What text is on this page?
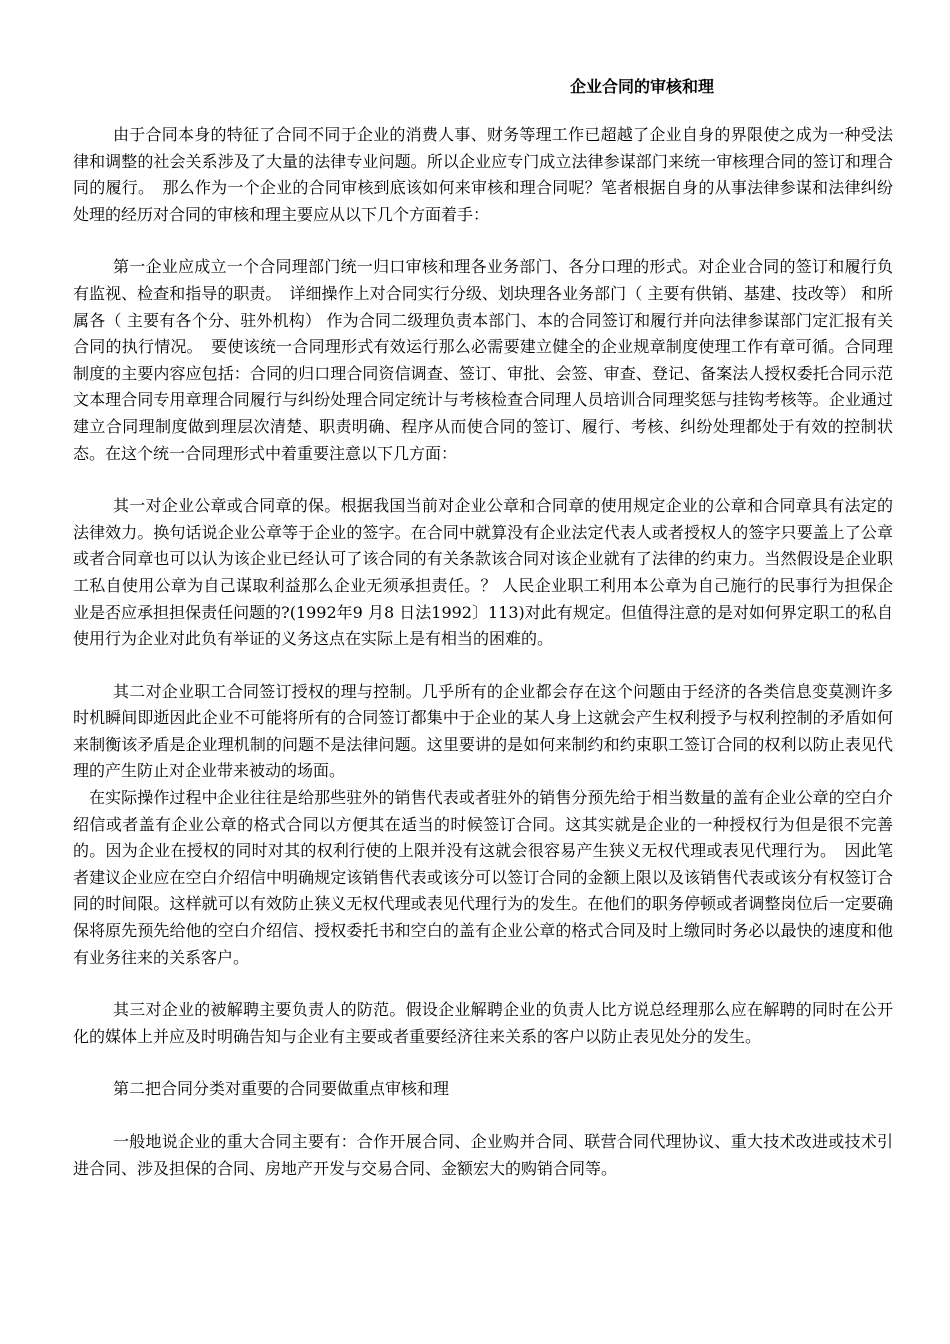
企业合同的审核和理

由于合同本身的特征了合同不同于企业的消费人事、财务等理工作已超越了企业自身的界限使之成为一种受法律和调整的社会关系涉及了大量的法律专业问题。所以企业应专门成立法律参谋部门来统一审核理合同的签订和理合同的履行。　那么作为一个企业的合同审核到底该如何来审核和理合同呢？笔者根据自身的从事法律参谋和法律纠纷处理的经历对合同的审核和理主要应从以下几个方面着手：

第一企业应成立一个合同理部门统一归口审核和理各业务部门、各分口理的形式。对企业合同的签订和履行负有监视、检查和指导的职责。　详细操作上对合同实行分级、划块理各业务部门（ 主要有供销、基建、技改等） 和所属各（ 主要有各个分、驻外机构） 作为合同二级理负责本部门、本的合同签订和履行并向法律参谋部门定汇报有关合同的执行情况。　要使该统一合同理形式有效运行那么必需要建立健全的企业规章制度使理工作有章可循。合同理制度的主要内容应包括：合同的归口理合同资信调查、签订、审批、会签、审查、登记、备案法人授权委托合同示范文本理合同专用章理合同履行与纠纷处理合同定统计与考核检查合同理人员培训合同理奖惩与挂钩考核等。企业通过建立合同理制度做到理层次清楚、职责明确、程序从而使合同的签订、履行、考核、纠纷处理都处于有效的控制状态。在这个统一合同理形式中着重要注意以下几方面：

其一对企业公章或合同章的保。根据我国当前对企业公章和合同章的使用规定企业的公章和合同章具有法定的法律效力。换句话说企业公章等于企业的签字。在合同中就算没有企业法定代表人或者授权人的签字只要盖上了公章或者合同章也可以认为该企业已经认可了该合同的有关条款该合同对该企业就有了法律的约束力。当然假设是企业职工私自使用公章为自己谋取利益那么企业无须承担责任。？ 人民企业职工利用本公章为自己施行的民事行为担保企业是否应承担担保责任问题的?(1992年9 月8 日法1992〕113)对此有规定。但值得注意的是对如何界定职工的私自使用行为企业对此负有举证的义务这点在实际上是有相当的困难的。

其二对企业职工合同签订授权的理与控制。几乎所有的企业都会存在这个问题由于经济的各类信息变莫测许多时机瞬间即逝因此企业不可能将所有的合同签订都集中于企业的某人身上这就会产生权利授予与权利控制的矛盾如何来制衡该矛盾是企业理机制的问题不是法律问题。这里要讲的是如何来制约和约束职工签订合同的权利以防止表见代理的产生防止对企业带来被动的场面。

在实际操作过程中企业往往是给那些驻外的销售代表或者驻外的销售分预先给于相当数量的盖有企业公章的空白介绍信或者盖有企业公章的格式合同以方便其在适当的时候签订合同。这其实就是企业的一种授权行为但是很不完善的。因为企业在授权的同时对其的权利行使的上限并没有这就会很容易产生狭义无权代理或表见代理行为。　因此笔者建议企业应在空白介绍信中明确规定该销售代表或该分可以签订合同的金额上限以及该销售代表或该分有权签订合同的时间限。这样就可以有效防止狭义无权代理或表见代理行为的发生。在他们的职务停顿或者调整岗位后一定要确保将原先预先给他的空白介绍信、授权委托书和空白的盖有企业公章的格式合同及时上缴同时务必以最快的速度和他有业务往来的关系客户。

其三对企业的被解聘主要负责人的防范。假设企业解聘企业的负责人比方说总经理那么应在解聘的同时在公开化的媒体上并应及时明确告知与企业有主要或者重要经济往来关系的客户以防止表见处分的发生。

第二把合同分类对重要的合同要做重点审核和理

一般地说企业的重大合同主要有：合作开展合同、企业购并合同、联营合同代理协议、重大技术改进或技术引进合同、涉及担保的合同、房地产开发与交易合同、金额宏大的购销合同等。
